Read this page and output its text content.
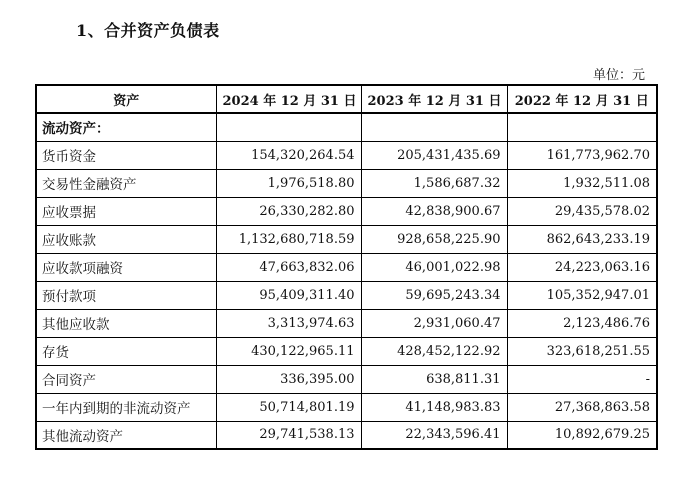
1、合并资产负债表
单位：元
资产	2024 年 12 月 31 日	2023 年 12 月 31 日	2022 年 12 月 31 日
流动资产：			
货币资金	154,320,264.54	205,431,435.69	161,773,962.70
交易性金融资产	1,976,518.80	1,586,687.32	1,932,511.08
应收票据	26,330,282.80	42,838,900.67	29,435,578.02
应收账款	1,132,680,718.59	928,658,225.90	862,643,233.19
应收款项融资	47,663,832.06	46,001,022.98	24,223,063.16
预付款项	95,409,311.40	59,695,243.34	105,352,947.01
其他应收款	3,313,974.63	2,931,060.47	2,123,486.76
存货	430,122,965.11	428,452,122.92	323,618,251.55
合同资产	336,395.00	638,811.31	-
一年内到期的非流动资产	50,714,801.19	41,148,983.83	27,368,863.58
其他流动资产	29,741,538.13	22,343,596.41	10,892,679.25
